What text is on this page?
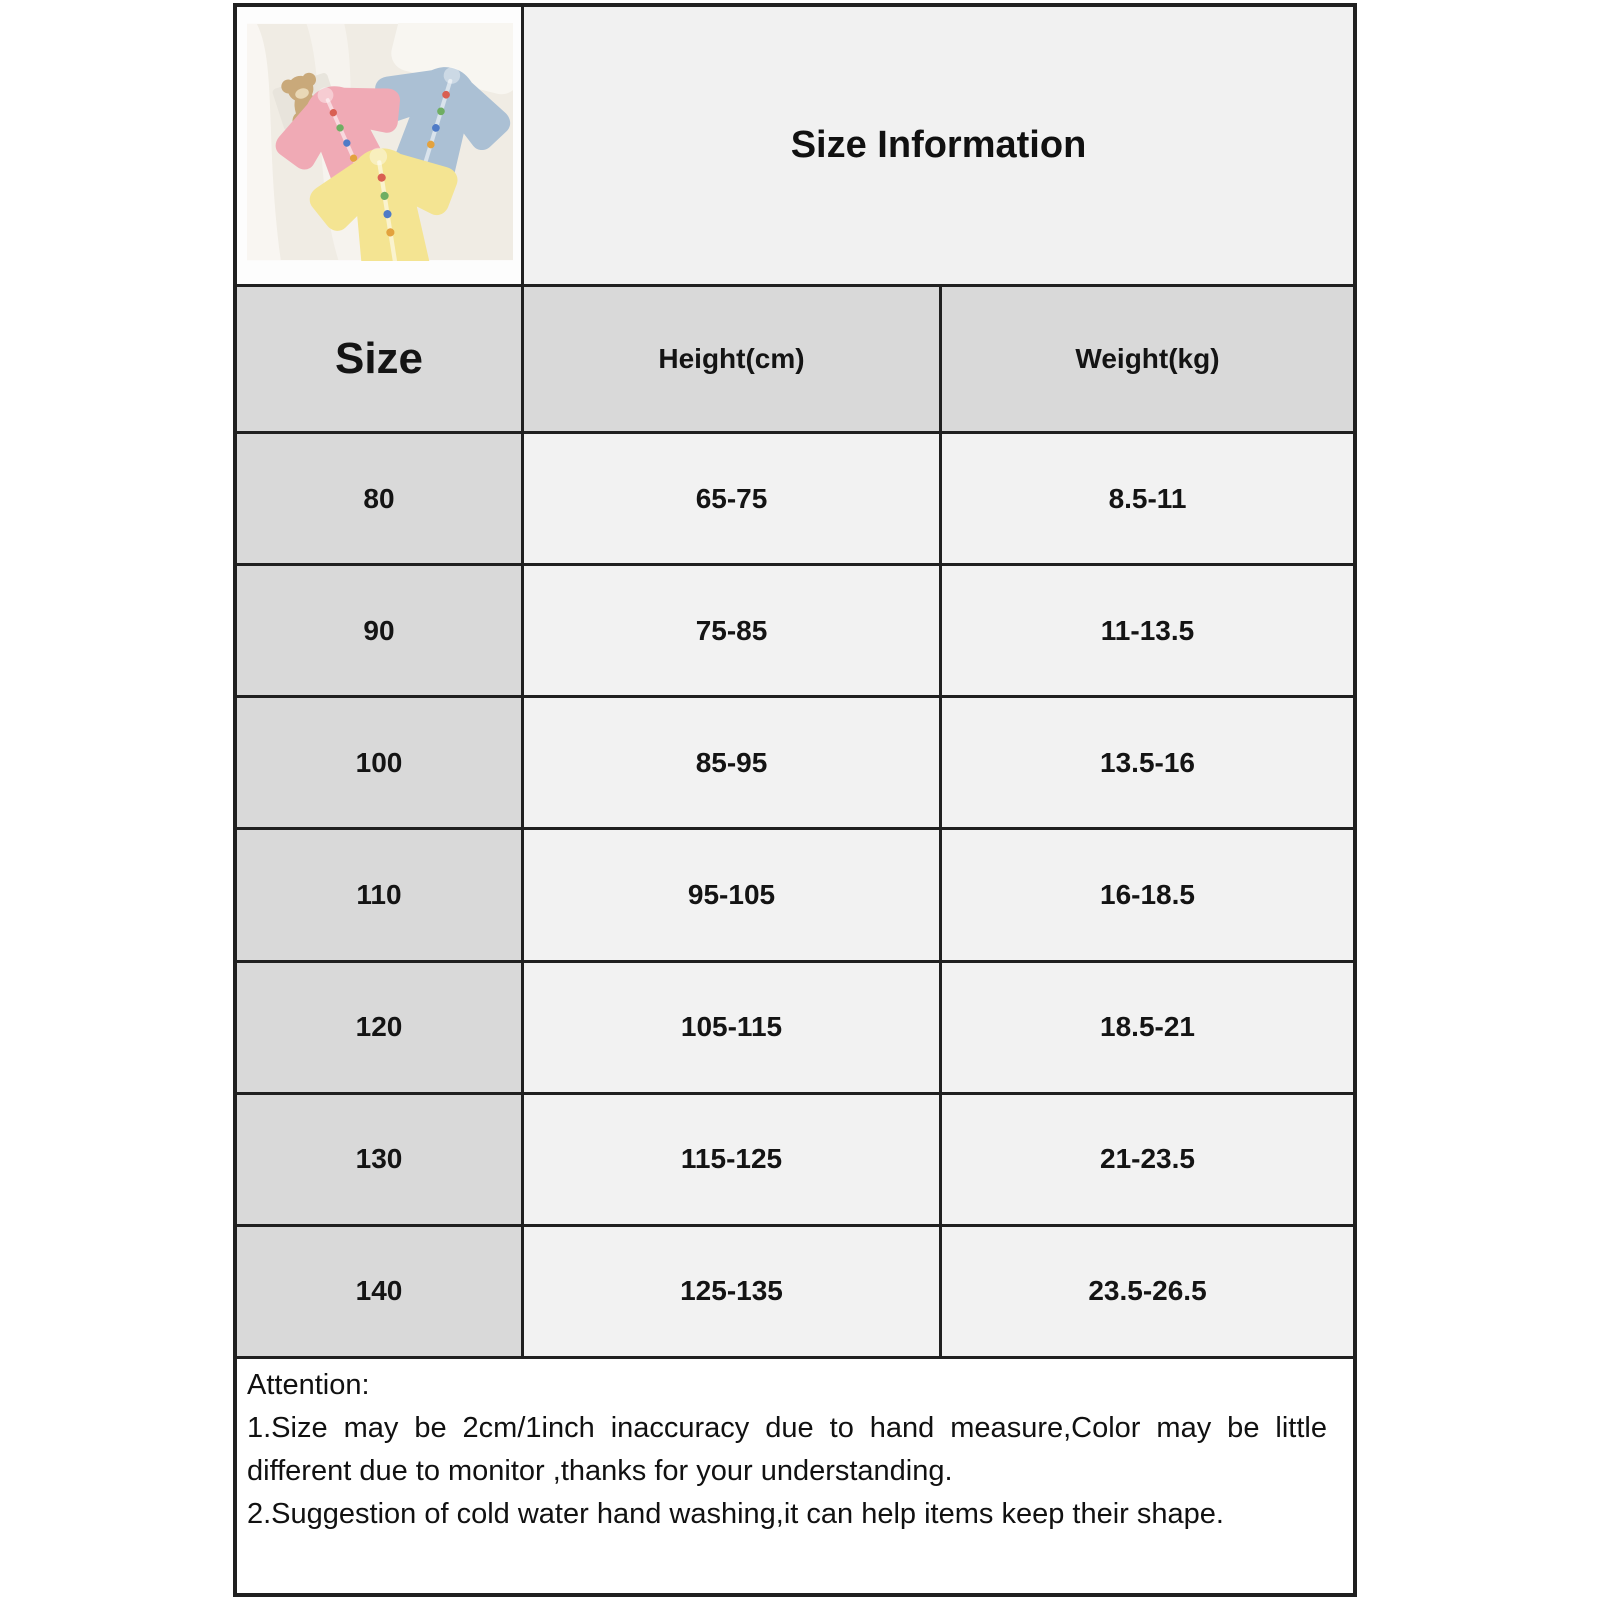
Size Information
Size	Height(cm)	Weight(kg)
80	65-75	8.5-11
90	75-85	11-13.5
100	85-95	13.5-16
110	95-105	16-18.5
120	105-115	18.5-21
130	115-125	21-23.5
140	125-135	23.5-26.5
Attention:

1.Size may be 2cm/1inch inaccuracy due to hand measure,Color may be little different due to monitor ,thanks for your understanding.

2.Suggestion of cold water hand washing,it can help items keep their shape.
